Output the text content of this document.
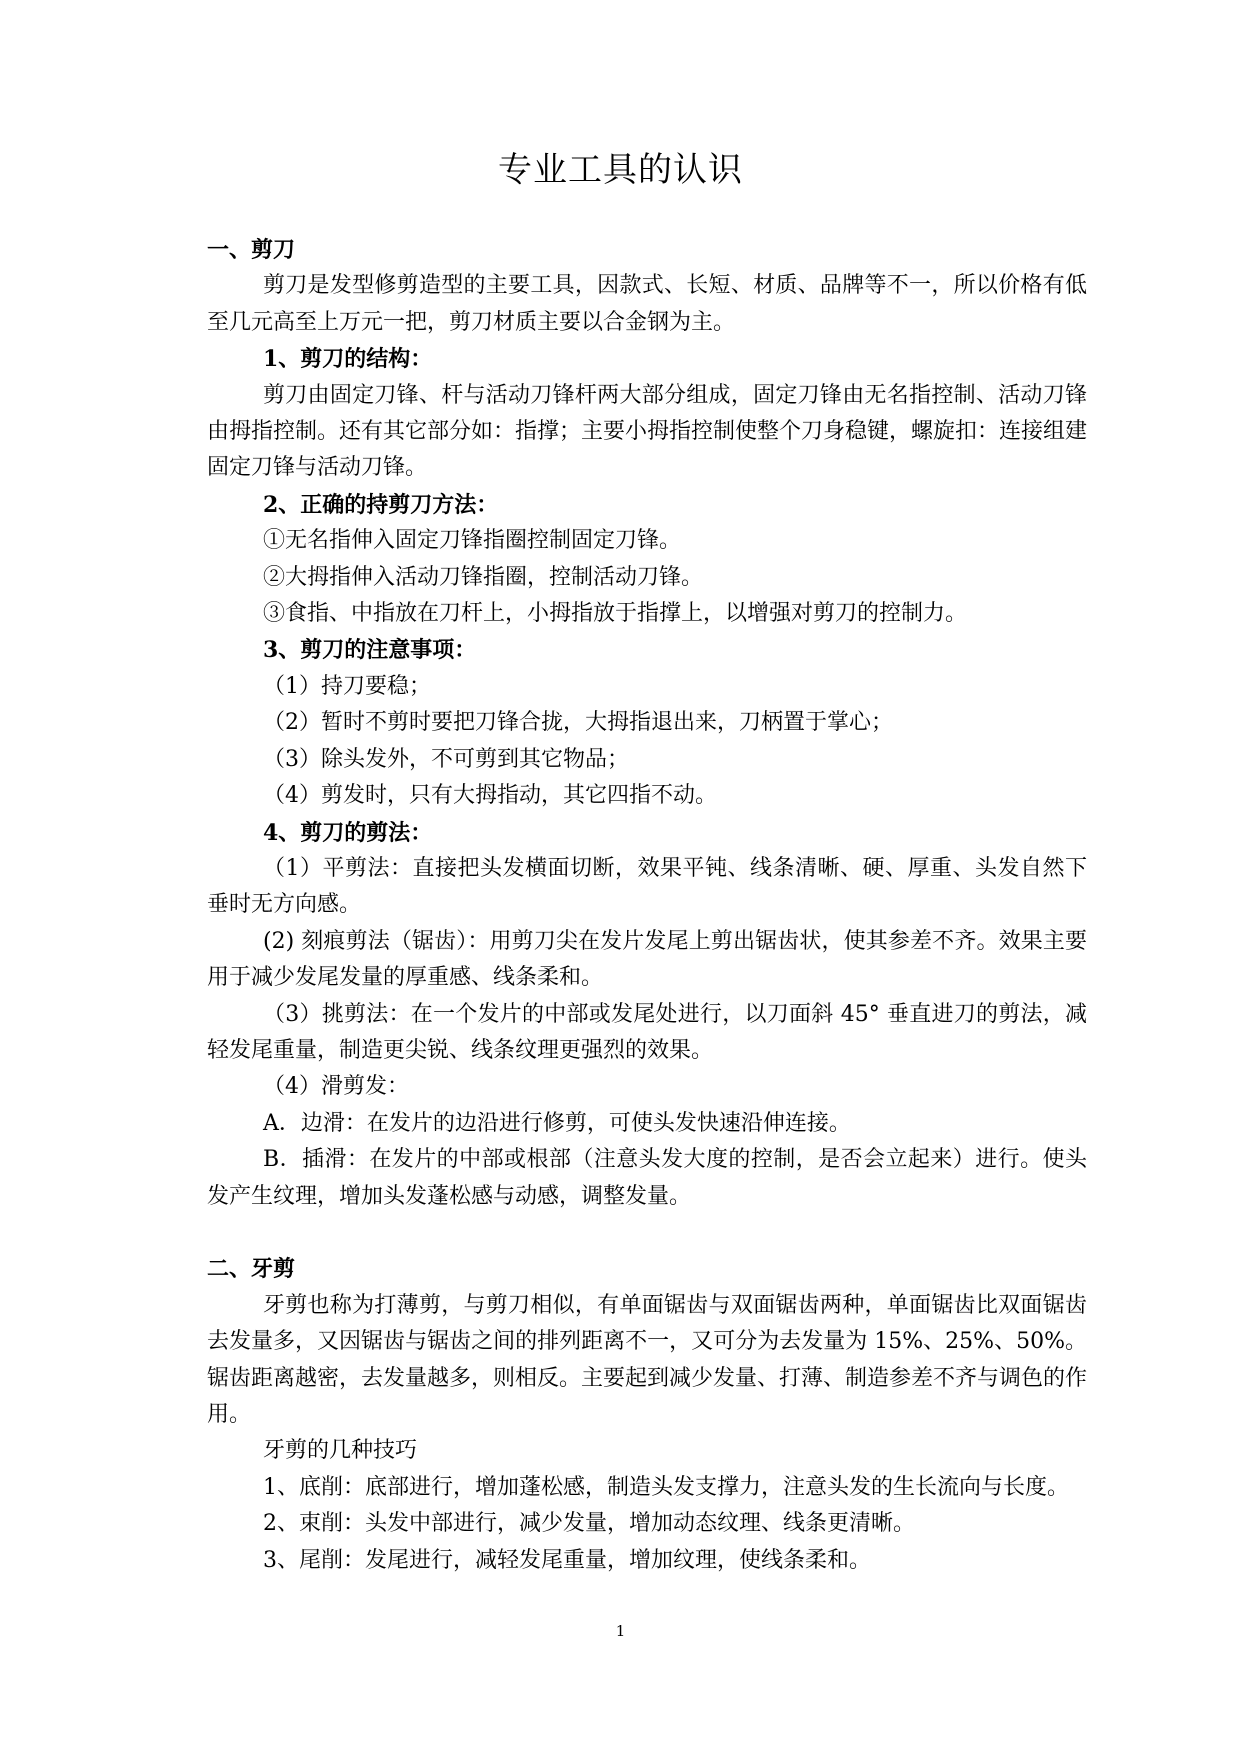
专业工具的认识

一、剪刀

剪刀是发型修剪造型的主要工具，因款式、长短、材质、品牌等不一，所以价格有低至几元高至上万元一把，剪刀材质主要以合金钢为主。

1、剪刀的结构：

剪刀由固定刀锋、杆与活动刀锋杆两大部分组成，固定刀锋由无名指控制、活动刀锋由拇指控制。还有其它部分如：指撑；主要小拇指控制使整个刀身稳键，螺旋扣：连接组建固定刀锋与活动刀锋。

2、正确的持剪刀方法：

①无名指伸入固定刀锋指圈控制固定刀锋。

②大拇指伸入活动刀锋指圈，控制活动刀锋。

③食指、中指放在刀杆上，小拇指放于指撑上，以增强对剪刀的控制力。

3、剪刀的注意事项：

（1）持刀要稳；

（2）暂时不剪时要把刀锋合拢，大拇指退出来，刀柄置于掌心；

（3）除头发外，不可剪到其它物品；

（4）剪发时，只有大拇指动，其它四指不动。

4、剪刀的剪法：

（1）平剪法：直接把头发横面切断，效果平钝、线条清晰、硬、厚重、头发自然下垂时无方向感。

(2) 刻痕剪法（锯齿）：用剪刀尖在发片发尾上剪出锯齿状，使其参差不齐。效果主要用于减少发尾发量的厚重感、线条柔和。

（3）挑剪法：在一个发片的中部或发尾处进行，以刀面斜 45° 垂直进刀的剪法，减轻发尾重量，制造更尖锐、线条纹理更强烈的效果。

（4）滑剪发：

A．边滑：在发片的边沿进行修剪，可使头发快速沿伸连接。

B．插滑：在发片的中部或根部（注意头发大度的控制，是否会立起来）进行。使头发产生纹理，增加头发蓬松感与动感，调整发量。

二、牙剪

牙剪也称为打薄剪，与剪刀相似，有单面锯齿与双面锯齿两种，单面锯齿比双面锯齿去发量多，又因锯齿与锯齿之间的排列距离不一，又可分为去发量为 15%、25%、50%。锯齿距离越密，去发量越多，则相反。主要起到减少发量、打薄、制造参差不齐与调色的作用。

牙剪的几种技巧

1、底削：底部进行，增加蓬松感，制造头发支撑力，注意头发的生长流向与长度。

2、束削：头发中部进行，减少发量，增加动态纹理、线条更清晰。

3、尾削：发尾进行，减轻发尾重量，增加纹理，使线条柔和。

1
